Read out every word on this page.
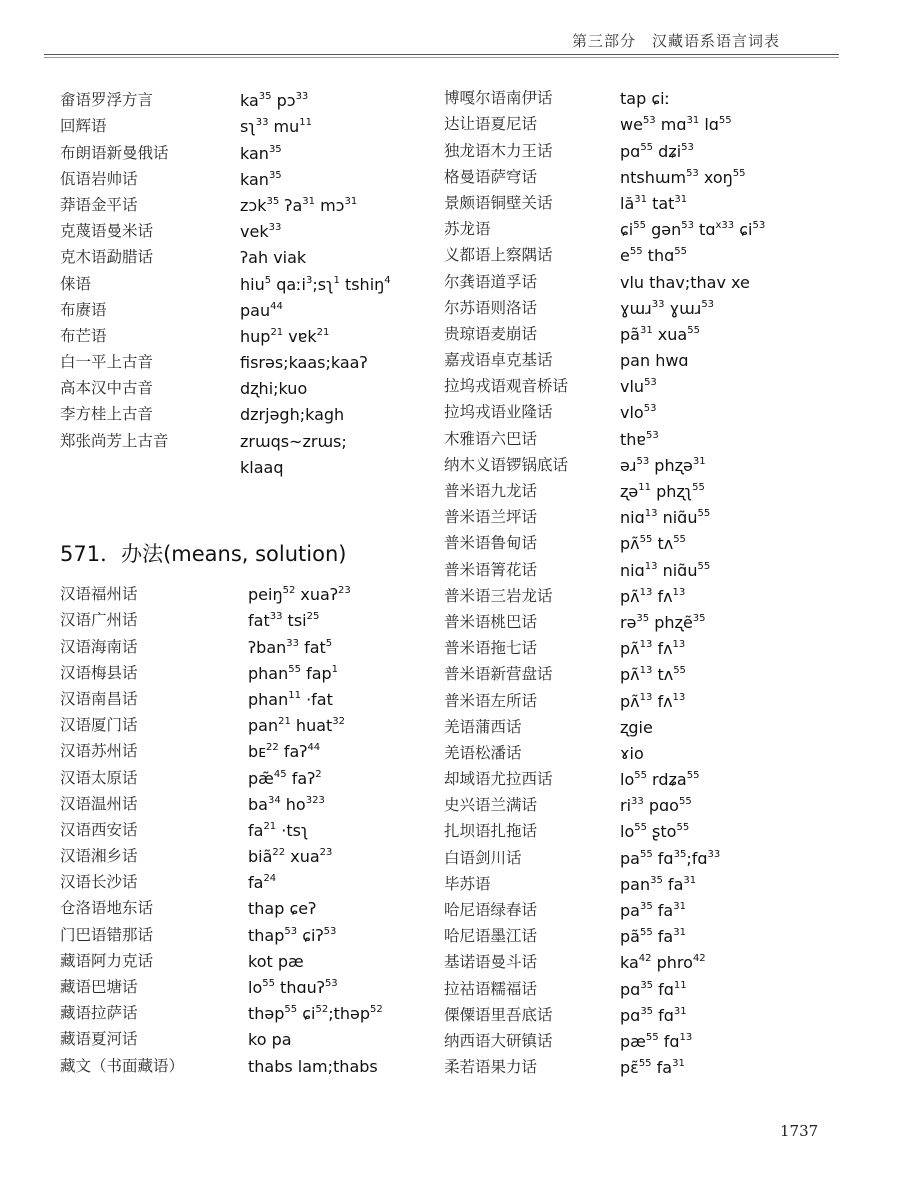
第三部分　汉藏语系语言词表
畲语罗浮方言	$ka^{35}$ pɔ$^{33}$
回辉语	sʅ$^{33}$ $mu^{11}$
布朗语新曼俄话	kan$^{35}$
佤语岩帅话	kan$^{35}$
莽语金平话	zɔk$^{35}$ ʔa$^{31}$ mɔ$^{31}$
克蔑语曼米话	vek$^{33}$
克木语勐腊话	ʔah viak
俫语	hiu$^5$ qaːi$^3$;sʅ$^1$ tshiŋ$^4$
布赓语	pau$^{44}$
布芒语	hup$^{21}$ vɐk$^{21}$
白一平上古音	fisrəs;kaas;kaaʔ
高本汉中古音	dʐhi;kuo
李方桂上古音	dzrjəgh;kagh
郑张尚芳上古音	zrɯqs~zrɯs;
klaaq
571．办法(means, solution)
汉语福州话	peiŋ$^{52}$ xuaʔ$^{23}$
汉语广州话	fat$^{33}$ tsi$^{25}$
汉语海南话	ʔban$^{33}$ fat$^5$
汉语梅县话	phan$^{55}$ fap$^1$
汉语南昌话	phan$^{11}$ ·fat
汉语厦门话	pan$^{21}$ huat$^{32}$
汉语苏州话	bᴇ$^{22}$ faʔ$^{44}$
汉语太原话	pæ̃$^{45}$ faʔ$^2$
汉语温州话	$ba^{34}$ $ho^{323}$
汉语西安话	$fa^{21}$ ·tsʅ
汉语湘乡话	biã$^{22}$ xua$^{23}$
汉语长沙话	$fa^{24}$
仓洛语地东话	thap ɕeʔ
门巴语错那话	thap$^{53}$ ɕiʔ$^{53}$
藏语阿力克话	kot pæ
藏语巴塘话	$lo^{55}$ thɑuʔ$^{53}$
藏语拉萨话	thəp$^{55}$ ɕi$^{52}$;thəp$^{52}$
藏语夏河话	ko pa
藏文（书面藏语）	thabs lam;thabs
博嘎尔语南伊话	tap ɕiː
达让语夏尼话	$we^{53}$ mɑ$^{31}$ lɑ$^{55}$
独龙语木力王话	pɑ$^{55}$ dʑi$^{53}$
格曼语萨穹话	ntshɯm$^{53}$ xoŋ$^{55}$
景颇语铜壁关话	$lă^{31}$ tat$^{31}$
苏龙语	ɕi$^{55}$ gən$^{53}$ tɑ$^{x33}$ ɕi$^{53}$
义都语上察隅话	$e^{55}$ thɑ$^{55}$
尔龚语道孚话	vlu thav;thav xe
尔苏语则洛话	ɣɯɹ$^{33}$ ɣɯɹ$^{53}$
贵琼语麦崩话	$pã^{31}$ xua$^{55}$
嘉戎语卓克基话	pan hwɑ
拉坞戎语观音桥话	vlu$^{53}$
拉坞戎语业隆话	vlo$^{53}$
木雅语六巴话	thɐ$^{53}$
纳木义语锣锅底话	əɹ$^{53}$ phʐə$^{31}$
普米语九龙话	ʐə$^{11}$ phʐʅ$^{55}$
普米语兰坪话	niɑ$^{13}$ $niɑ̃u^{55}$
普米语鲁甸话	pʌ̃$^{55}$ tʌ$^{55}$
普米语箐花话	niɑ$^{13}$ $niɑ̃u^{55}$
普米语三岩龙话	pʌ̃$^{13}$ fʌ$^{13}$
普米语桃巴话	rə$^{35}$ phʐẽ$^{35}$
普米语拖七话	pʌ̃$^{13}$ fʌ$^{13}$
普米语新营盘话	pʌ̃$^{13}$ tʌ$^{55}$
普米语左所话	pʌ̃$^{13}$ fʌ$^{13}$
羌语蒲西话	ʐgie
羌语松潘话	ɤio
却域语尤拉西话	$lo^{55}$ rdʑa$^{55}$
史兴语兰满话	$ri^{33}$ pɑo$^{55}$
扎坝语扎拖话	$lo^{55}$ ʂto$^{55}$
白语剑川话	$pa^{55}$ fɑ$^{35}$;fɑ$^{33}$
毕苏语	pan$^{35}$ $fa^{31}$
哈尼语绿春话	$pa^{35}$ $fa^{31}$
哈尼语墨江话	$pã^{55}$ $fa^{31}$
基诺语曼斗话	$ka^{42}$ phro$^{42}$
拉祜语糯福话	pɑ$^{35}$ fɑ$^{11}$
傈僳语里吾底话	pɑ$^{35}$ fɑ$^{31}$
纳西语大研镇话	$pæ^{55}$ fɑ$^{13}$
柔若语果力话	pɛ̃$^{55}$ $fa^{31}$
1737
